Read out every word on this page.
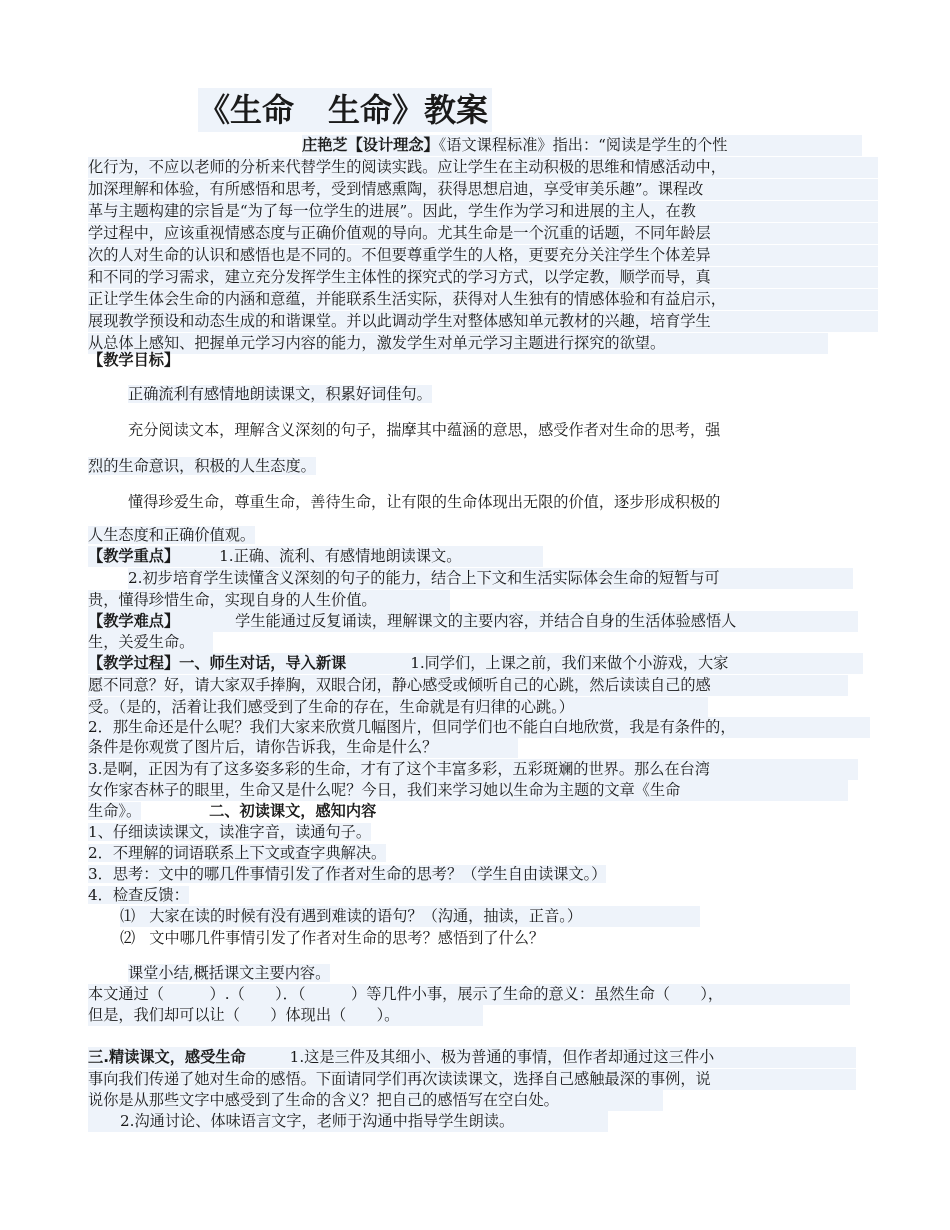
《生命 生命》教案
庄艳芝【设计理念】《语文课程标准》指出：“阅读是学生的个性
化行为，不应以老师的分析来代替学生的阅读实践。应让学生在主动积极的思维和情感活动中，
加深理解和体验，有所感悟和思考，受到情感熏陶，获得思想启迪，享受审美乐趣”。课程改
革与主题构建的宗旨是“为了每一位学生的进展”。因此，学生作为学习和进展的主人，在教
学过程中，应该重视情感态度与正确价值观的导向。尤其生命是一个沉重的话题，不同年龄层
次的人对生命的认识和感悟也是不同的。不但要尊重学生的人格，更要充分关注学生个体差异
和不同的学习需求，建立充分发挥学生主体性的探究式的学习方式，以学定教，顺学而导，真
正让学生体会生命的内涵和意蕴，并能联系生活实际，获得对人生独有的情感体验和有益启示，
展现教学预设和动态生成的和谐课堂。并以此调动学生对整体感知单元教材的兴趣，培育学生
从总体上感知、把握单元学习内容的能力，激发学生对单元学习主题进行探究的欲望。
【教学目标】
正确流利有感情地朗读课文，积累好词佳句。
充分阅读文本，理解含义深刻的句子，揣摩其中蕴涵的意思，感受作者对生命的思考，强
烈的生命意识，积极的人生态度。
懂得珍爱生命，尊重生命，善待生命，让有限的生命体现出无限的价值，逐步形成积极的
人生态度和正确价值观。
【教学重点】	1.正确、流利、有感情地朗读课文。
2.初步培育学生读懂含义深刻的句子的能力，结合上下文和生活实际体会生命的短暂与可
贵，懂得珍惜生命，实现自身的人生价值。
【教学难点】	学生能通过反复诵读，理解课文的主要内容，并结合自身的生活体验感悟人
生，关爱生命。
【教学过程】一、师生对话，导入新课	1.同学们，上课之前，我们来做个小游戏，大家
愿不同意？好，请大家双手捧胸，双眼合闭，静心感受或倾听自己的心跳，然后读读自己的感
受。（是的，活着让我们感受到了生命的存在，生命就是有归律的心跳。）
2．那生命还是什么呢？我们大家来欣赏几幅图片，但同学们也不能白白地欣赏，我是有条件的，
条件是你观赏了图片后，请你告诉我，生命是什么？
3.是啊，正因为有了这多姿多彩的生命，才有了这个丰富多彩，五彩斑斓的世界。那么在台湾
女作家杏林子的眼里，生命又是什么呢？今日，我们来学习她以生命为主题的文章《生命
生命》。	二、初读课文，感知内容
1、仔细读读课文，读准字音，读通句子。
2．不理解的词语联系上下文或查字典解决。
3．思考：文中的哪几件事情引发了作者对生命的思考？（学生自由读课文。）
4．检查反馈：
⑴ 大家在读的时候有没有遇到难读的语句？（沟通，抽读，正音。）
⑵ 文中哪几件事情引发了作者对生命的思考？感悟到了什么？
课堂小结,概括课文主要内容。
本文通过（　　　）.（　　）．（　　　）等几件小事，展示了生命的意义：虽然生命（　　），
但是，我们却可以让（　　）体现出（　　）。
三.精读课文，感受生命	1.这是三件及其细小、极为普通的事情，但作者却通过这三件小
事向我们传递了她对生命的感悟。下面请同学们再次读读课文，选择自己感触最深的事例，说
说你是从那些文字中感受到了生命的含义？把自己的感悟写在空白处。
2.沟通讨论、体味语言文字，老师于沟通中指导学生朗读。
